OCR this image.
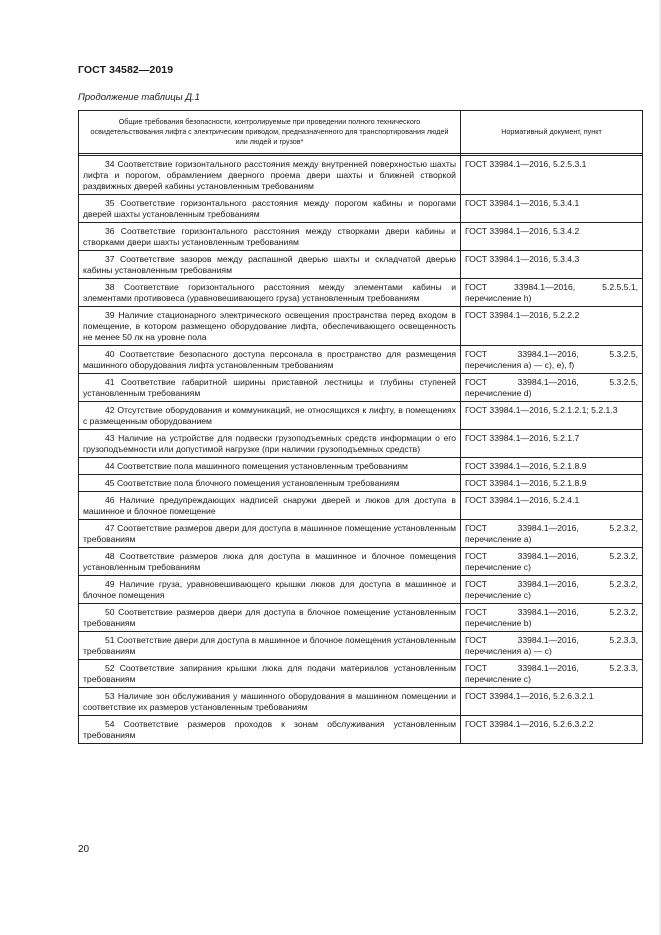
ГОСТ 34582—2019
Продолжение таблицы Д.1
Общие требования безопасности, контролируемые при проведении полного технического освидетельствования лифта с электрическим приводом, предназначенного для транспортирования людей или людей и грузов*	Нормативный документ, пункт

34 Соответствие горизонтального расстояния между внутренней поверхностью шахты лифта и порогом, обрамлением дверного проема двери шахты и ближней створкой раздвижных дверей кабины установленным требованиям	ГОСТ 33984.1—2016, 5.2.5.3.1
35 Соответствие горизонтального расстояния между порогом кабины и порогами дверей шахты установленным требованиям	ГОСТ 33984.1—2016, 5.3.4.1
36 Соответствие горизонтального расстояния между створками двери кабины и створками двери шахты установленным требованиям	ГОСТ 33984.1—2016, 5.3.4.2
37 Соответствие зазоров между распашной дверью шахты и складчатой дверью кабины установленным требованиям	ГОСТ 33984.1—2016, 5.3.4.3
38 Соответствие горизонтального расстояния между элементами кабины и элементами противовеса (уравновешивающего груза) установленным требованиям	ГОСТ 33984.1—2016, 5.2.5.5.1, перечисление h)
39 Наличие стационарного электрического освещения пространства перед входом в помещение, в котором размещено оборудование лифта, обеспечивающего освещенность не менее 50 лк на уровне пола	ГОСТ 33984.1—2016, 5.2.2.2
40 Соответствие безопасного доступа персонала в пространство для размещения машинного оборудования лифта установленным требованиям	ГОСТ 33984.1—2016, 5.3.2.5, перечисления а) — с), е), f)
41 Соответствие габаритной ширины приставной лестницы и глубины ступеней установленным требованиям	ГОСТ 33984.1—2016, 5.3.2.5, перечисление d)
42 Отсутствие оборудования и коммуникаций, не относящихся к лифту, в помещениях с размещенным оборудованием	ГОСТ 33984.1—2016, 5.2.1.2.1; 5.2.1.3
43 Наличие на устройстве для подвески грузоподъемных средств информации о его грузоподъемности или допустимой нагрузке (при наличии грузоподъемных средств)	ГОСТ 33984.1—2016, 5.2.1.7
44 Соответствие пола машинного помещения установленным требованиям	ГОСТ 33984.1—2016, 5.2.1.8.9
45 Соответствие пола блочного помещения установленным требованиям	ГОСТ 33984.1—2016, 5.2.1.8.9
46 Наличие предупреждающих надписей снаружи дверей и люков для доступа в машинное и блочное помещение	ГОСТ 33984.1—2016, 5.2.4.1
47 Соответствие размеров двери для доступа в машинное помещение установленным требованиям	ГОСТ 33984.1—2016, 5.2.3.2, перечисление а)
48 Соответствие размеров люка для доступа в машинное и блочное помещения установленным требованиям	ГОСТ 33984.1—2016, 5.2.3.2, перечисление с)
49 Наличие груза, уравновешивающего крышки люков для доступа в машинное и блочное помещения	ГОСТ 33984.1—2016, 5.2.3.2, перечисление с)
50 Соответствие размеров двери для доступа в блочное помещение установленным требованиям	ГОСТ 33984.1—2016, 5.2.3.2, перечисление b)
51 Соответствие двери для доступа в машинное и блочное помещения установленным требованиям	ГОСТ 33984.1—2016, 5.2.3.3, перечисления а) — с)
52 Соответствие запирания крышки люка для подачи материалов установленным требованиям	ГОСТ 33984.1—2016, 5.2.3.3, перечисление с)
53 Наличие зон обслуживания у машинного оборудования в машинном помещении и соответствие их размеров установленным требованиям	ГОСТ 33984.1—2016, 5.2.6.3.2.1
54 Соответствие размеров проходов к зонам обслуживания установленным требованиям	ГОСТ 33984.1—2016, 5.2.6.3.2.2
20
